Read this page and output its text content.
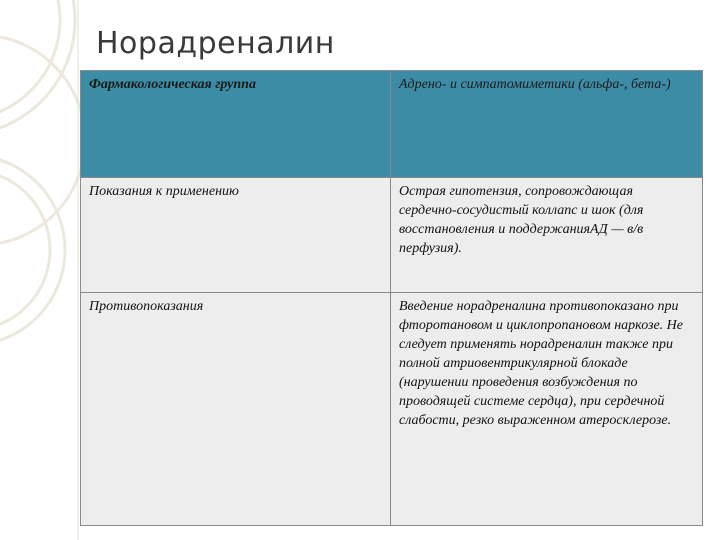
Норадреналин
Фармакологическая группа	Адрено- и симпатомиметики (альфа-, бета-)
Показания к применению	Острая гипотензия, сопровождающая сердечно-сосудистый коллапс и шок (для восстановления и поддержанияАД — в/в перфузия).
Противопоказания	Введение норадреналина противопоказано при фторотановом и циклопропановом наркозе. Не следует применять норадреналин также при полной атриовентрикулярной блокаде (нарушении проведения возбуждения по проводящей системе сердца), при сердечной слабости, резко выраженном атеросклерозе.
